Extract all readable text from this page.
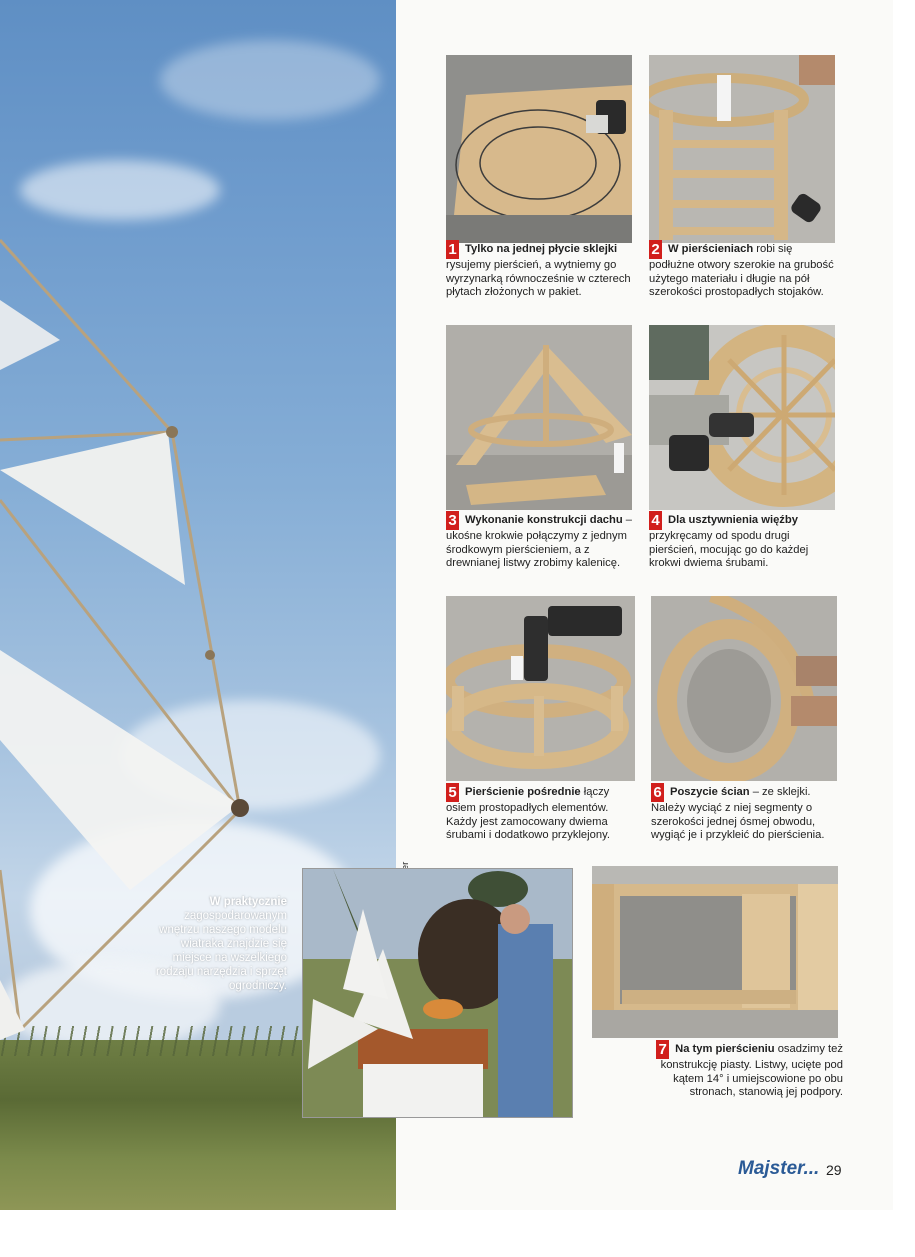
W praktycznie zagospodarowanym wnętrzu naszego modelu wiatraka znajdzie się miejsce na wszelkiego rodzaju narzędzia i sprzęt ogrodniczy.
1 Tylko na jednej płycie sklejki rysujemy pierścień, a wytniemy go wyrzynarką równocześnie w czterech płytach złożonych w pakiet.
2 W pierścieniach robi się podłużne otwory szerokie na grubość użytego materiału i długie na pół szerokości prostopadłych stojaków.
3 Wykonanie konstrukcji dachu – ukośne krokwie połączymy z jednym środkowym pierścieniem, a z drewnianej listwy zrobimy kalenicę.
4 Dla usztywnienia więźby przykręcamy od spodu drugi pierścień, mocując go do każdej krokwi dwiema śrubami.
5 Pierścienie pośrednie łączy osiem prostopadłych elementów. Każdy jest zamocowany dwiema śrubami i dodatkowo przyklejony.
6 Poszycie ścian – ze sklejki. Należy wyciąć z niej segmenty o szerokości jednej ósmej obwodu, wygiąć je i przykleić do pierścienia.
7 Na tym pierścieniu osadzimy też konstrukcję piasty. Listwy, ucięte pod kątem 14° i umiejscowione po obu stronach, stanowią jej podpory.
Majster... 29
